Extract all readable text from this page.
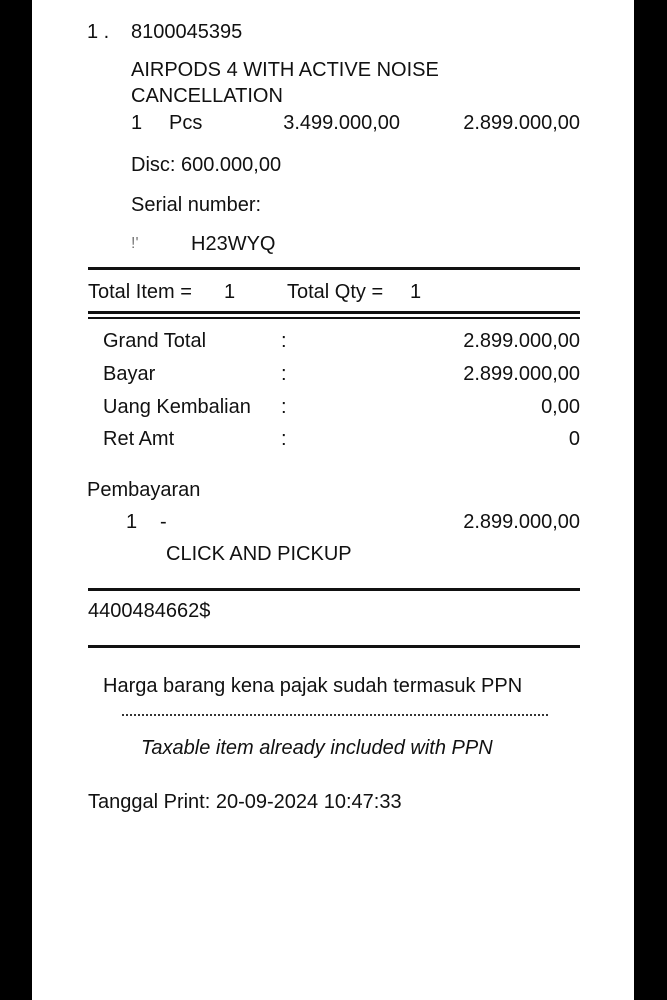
1 . 8100045395
AIRPODS 4 WITH ACTIVE NOISE
CANCELLATION
1 Pcs	3.499.000,00	2.899.000,00
Disc: 600.000,00
Serial number:
!'	H23WYQ
Total Item = 1	Total Qty = 1
Grand Total	:	2.899.000,00
Bayar	:	2.899.000,00
Uang Kembalian :	0,00
Ret Amt	:	0
Pembayaran
1 -	2.899.000,00
CLICK AND PICKUP
4400484662$
Harga barang kena pajak sudah termasuk PPN
Taxable item already included with PPN
Tanggal Print: 20-09-2024 10:47:33
